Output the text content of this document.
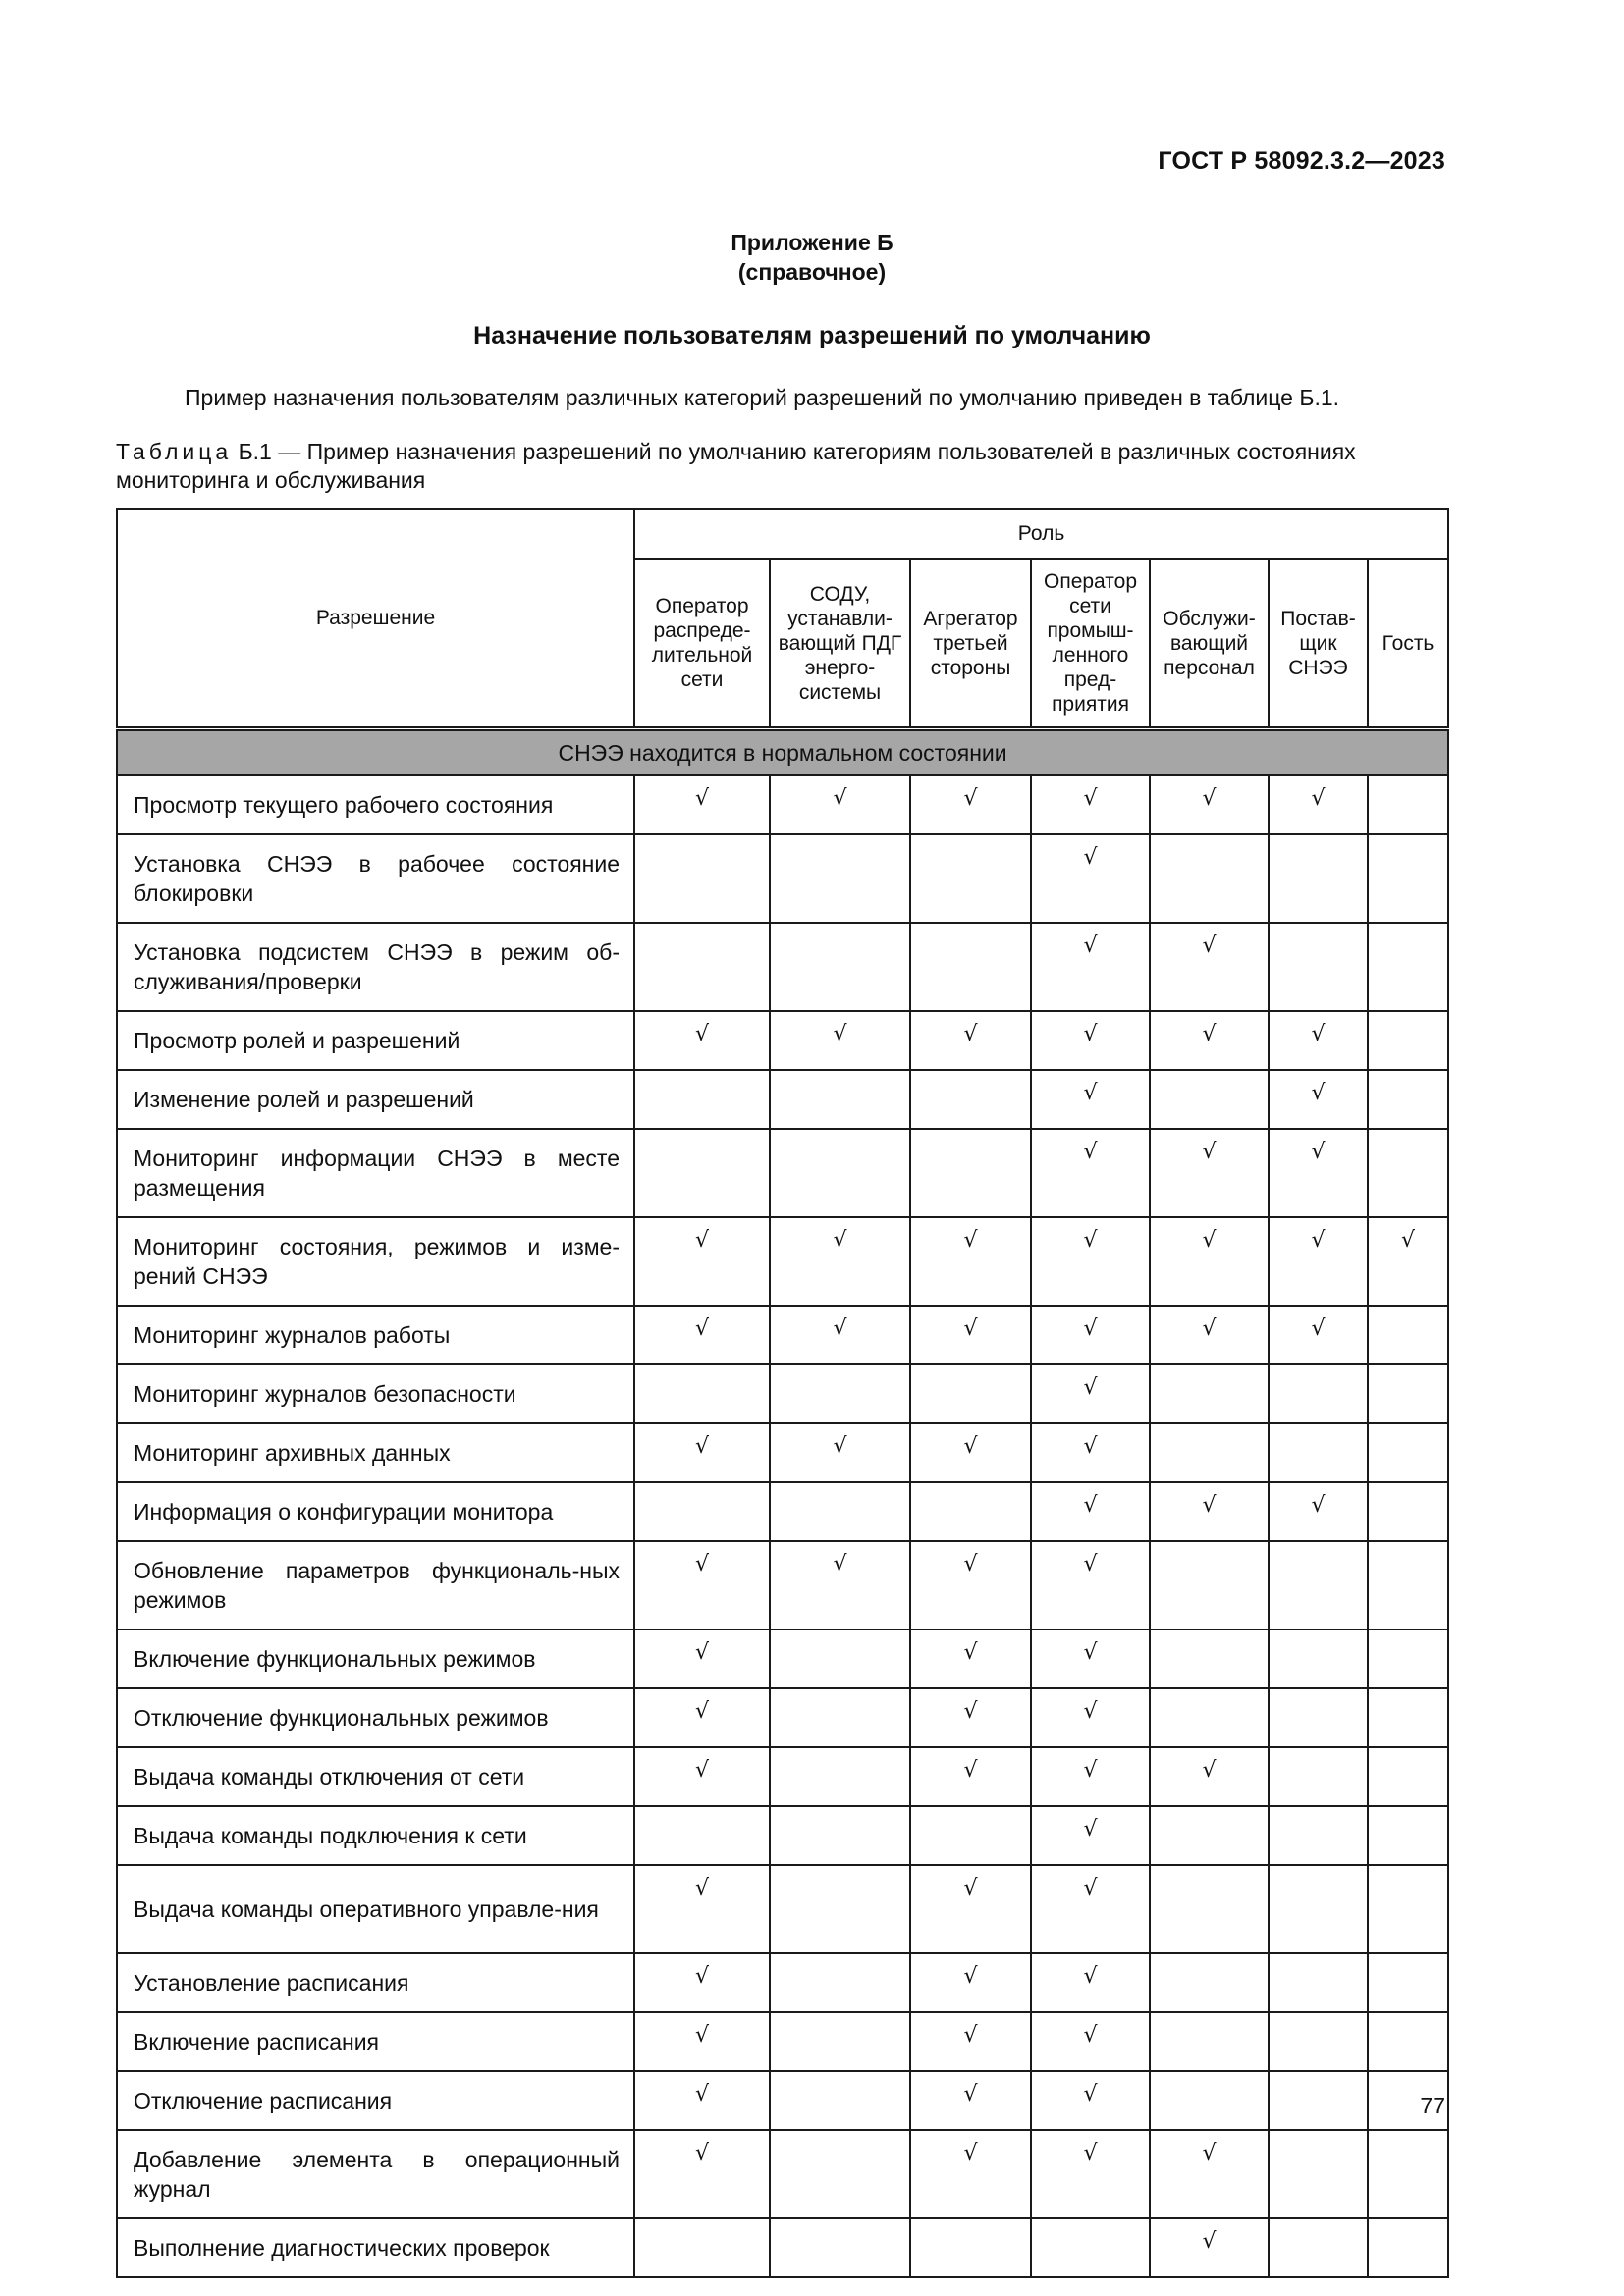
ГОСТ Р 58092.3.2—2023
Приложение Б
(справочное)
Назначение пользователям разрешений по умолчанию
Пример назначения пользователям различных категорий разрешений по умолчанию приведен в таблице Б.1.
Таблица Б.1 — Пример назначения разрешений по умолчанию категориям пользователей в различных состояниях мониторинга и обслуживания
Разрешение	Роль						
	Оператор распреде-лительной сети	СОДУ, устанавли-вающий ПДГ энерго-системы	Агрегатор третьей стороны	Оператор сети промыш-ленного пред-приятия	Обслужи-вающий персонал	Постав-щик СНЭЭ	Гость
СНЭЭ находится в нормальном состоянии							
Просмотр текущего рабочего состояния	√	√	√	√	√	√	
Установка СНЭЭ в рабочее состояние блокировки				√			
Установка подсистем СНЭЭ в режим об-служивания/проверки				√	√		
Просмотр ролей и разрешений	√	√	√	√	√	√	
Изменение ролей и разрешений				√		√	
Мониторинг информации СНЭЭ в месте размещения				√	√	√	
Мониторинг состояния, режимов и изме-рений СНЭЭ	√	√	√	√	√	√	√
Мониторинг журналов работы	√	√	√	√	√	√	
Мониторинг журналов безопасности				√			
Мониторинг архивных данных	√	√	√	√			
Информация о конфигурации монитора				√	√	√	
Обновление параметров функциональ-ных режимов	√	√	√	√			
Включение функциональных режимов	√		√	√			
Отключение функциональных режимов	√		√	√			
Выдача команды отключения от сети	√		√	√	√		
Выдача команды подключения к сети				√			
Выдача команды оперативного управле-ния	√		√	√			
Установление расписания	√		√	√			
Включение расписания	√		√	√			
Отключение расписания	√		√	√			
Добавление элемента в операционный журнал	√		√	√	√		
Выполнение диагностических проверок					√		
77
